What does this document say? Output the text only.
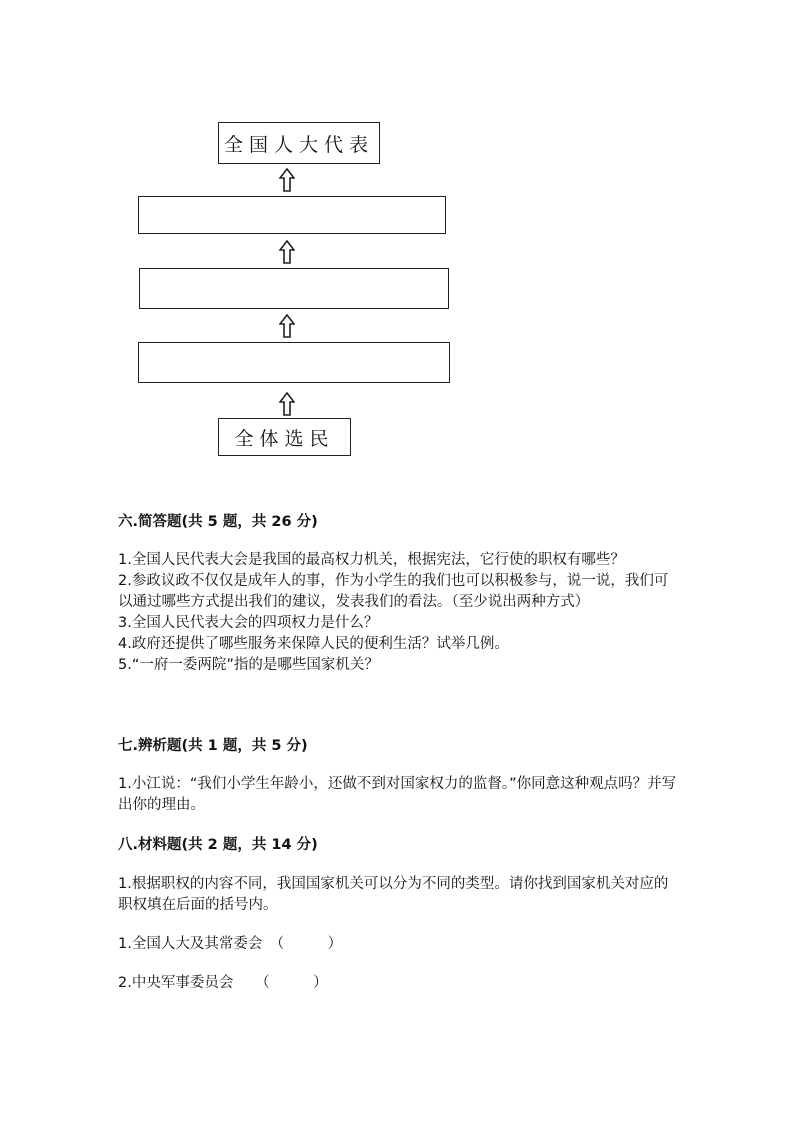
全国人大代表
全体选民
六.简答题(共 5 题，共 26 分)

1.全国人民代表大会是我国的最高权力机关，根据宪法，它行使的职权有哪些？

2.参政议政不仅仅是成年人的事，作为小学生的我们也可以积极参与，说一说，我们可以通过哪些方式提出我们的建议，发表我们的看法。（至少说出两种方式）

3.全国人民代表大会的四项权力是什么？

4.政府还提供了哪些服务来保障人民的便利生活？试举几例。

5.“一府一委两院”指的是哪些国家机关？

七.辨析题(共 1 题，共 5 分)

1.小江说：“我们小学生年龄小，还做不到对国家权力的监督。”你同意这种观点吗？并写出你的理由。

八.材料题(共 2 题，共 14 分)

1.根据职权的内容不同，我国国家机关可以分为不同的类型。请你找到国家机关对应的职权填在后面的括号内。

1.全国人大及其常委会　（　　　）

2.中央军事委员会　　（　　　）
